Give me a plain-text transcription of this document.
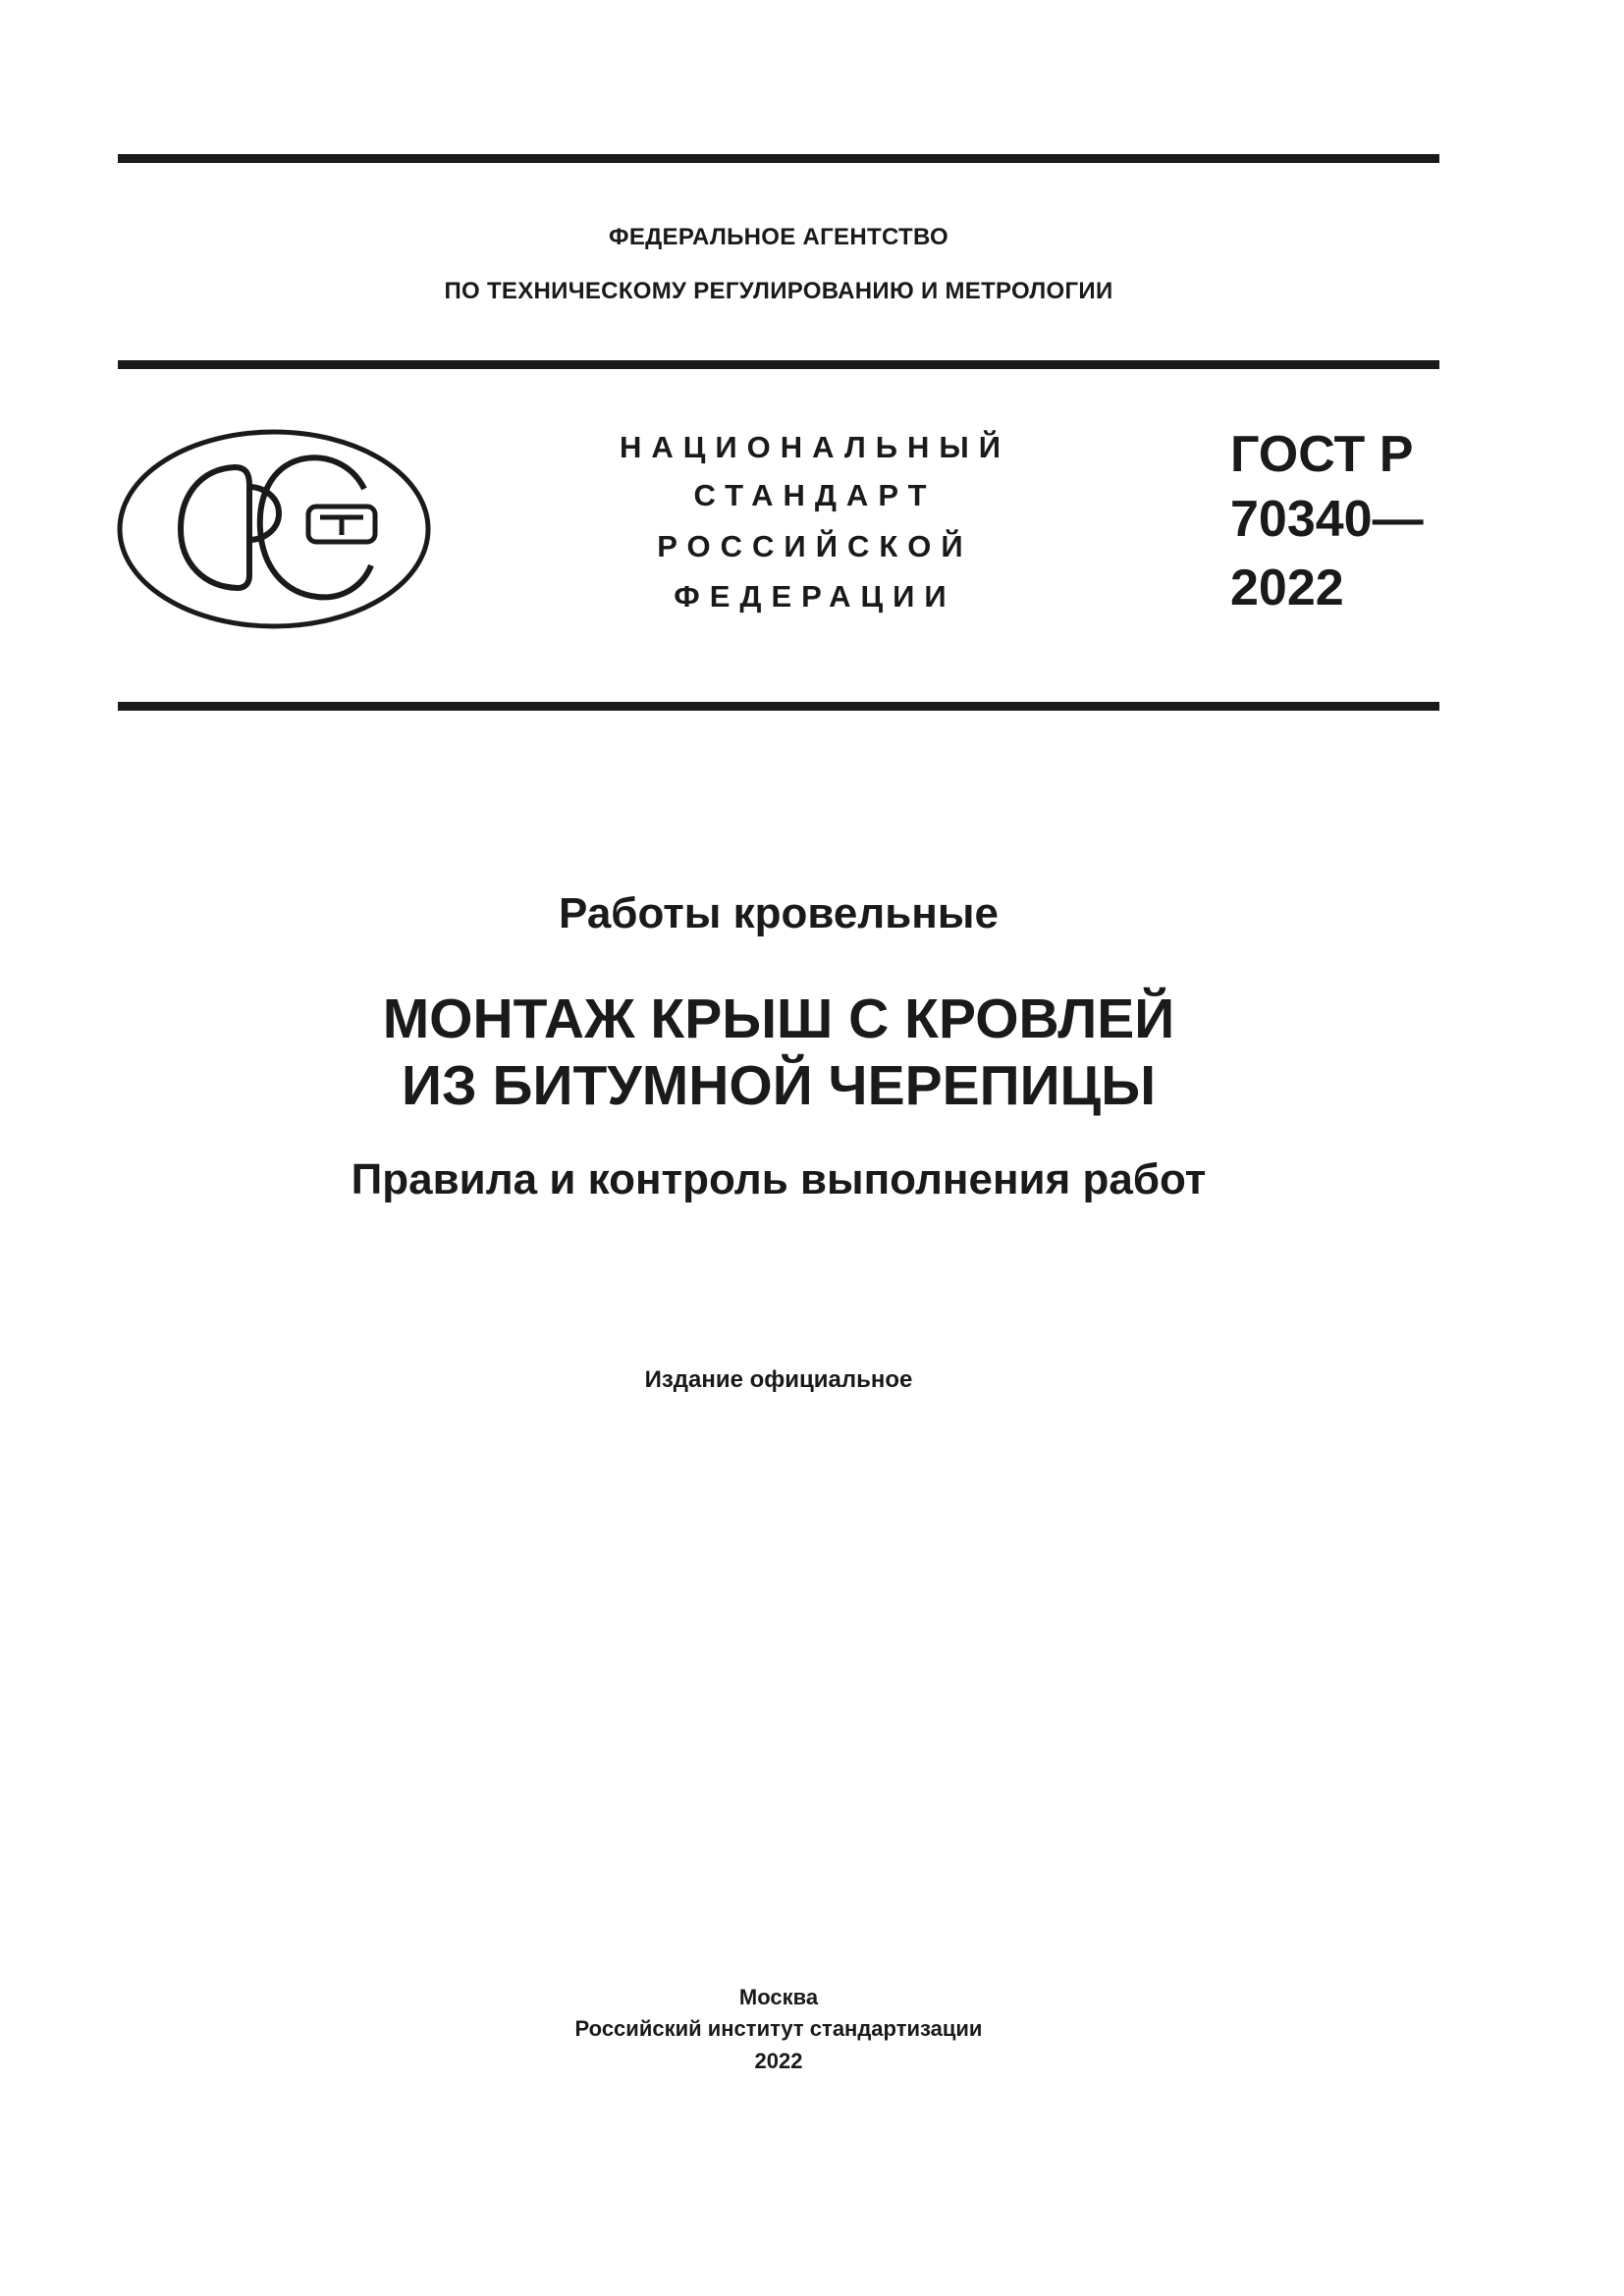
ФЕДЕРАЛЬНОЕ АГЕНТСТВО
ПО ТЕХНИЧЕСКОМУ РЕГУЛИРОВАНИЮ И МЕТРОЛОГИИ
НАЦИОНАЛЬНЫЙ
СТАНДАРТ
РОССИЙСКОЙ
ФЕДЕРАЦИИ
ГОСТ Р
70340—
2022
Работы кровельные
МОНТАЖ КРЫШ С КРОВЛЕЙ
ИЗ БИТУМНОЙ ЧЕРЕПИЦЫ
Правила и контроль выполнения работ
Издание официальное
Москва
Российский институт стандартизации
2022
